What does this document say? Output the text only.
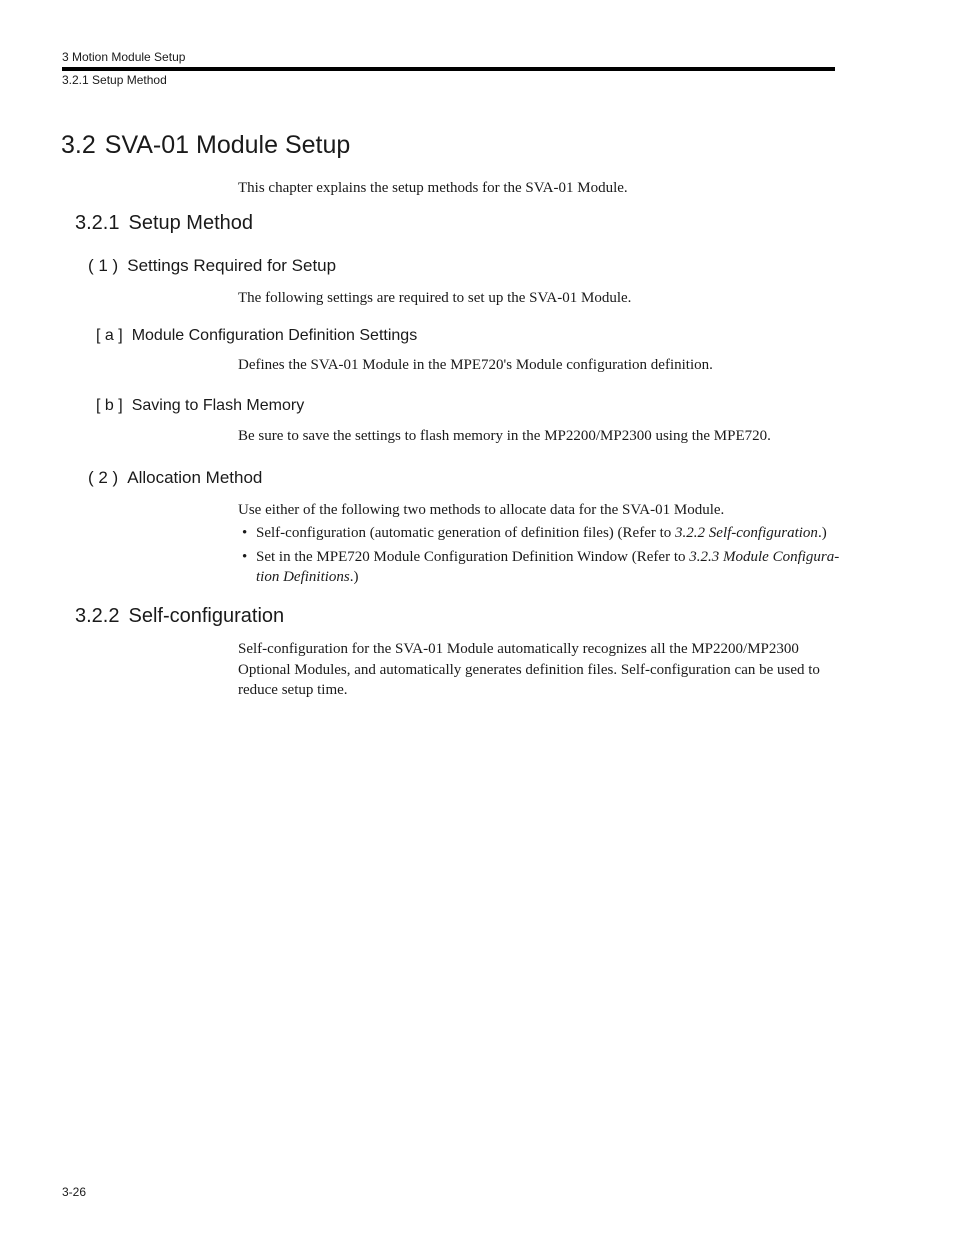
3 Motion Module Setup

3.2.1 Setup Method

3.2 SVA-01 Module Setup

This chapter explains the setup methods for the SVA-01 Module.

3.2.1 Setup Method
( 1 ) Settings Required for Setup

The following settings are required to set up the SVA-01 Module.

[ a ] Module Configuration Definition Settings

Defines the SVA-01 Module in the MPE720's Module configuration definition.

[ b ] Saving to Flash Memory

Be sure to save the settings to flash memory in the MP2200/MP2300 using the MPE720.

( 2 ) Allocation Method

Use either of the following two methods to allocate data for the SVA-01 Module.

• Self-configuration (automatic generation of definition files) (Refer to 3.2.2 Self-configuration.)
• Set in the MPE720 Module Configuration Definition Window (Refer to 3.2.3 Module Configura-
tion Definitions.)
3.2.2 Self-configuration
Self-configuration for the SVA-01 Module automatically recognizes all the MP2200/MP2300
Optional Modules, and automatically generates definition files. Self-configuration can be used to
reduce setup time.

3-26
